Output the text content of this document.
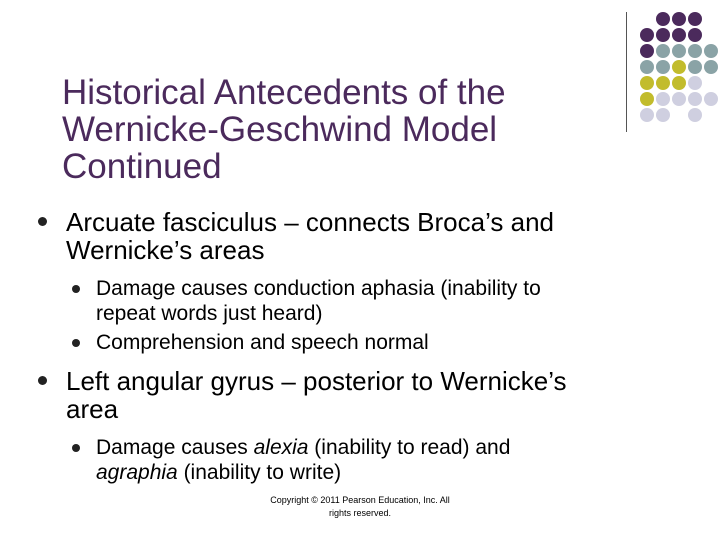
Historical Antecedents of the
Wernicke-Geschwind Model
Continued
Arcuate fasciculus – connects Broca’s and
Wernicke’s areas
Damage causes conduction aphasia (inability to
repeat words just heard)
Comprehension and speech normal
Left angular gyrus – posterior to Wernicke’s
area
Damage causes alexia (inability to read) and
agraphia (inability to write)
Copyright © 2011 Pearson Education, Inc. All
rights reserved.
